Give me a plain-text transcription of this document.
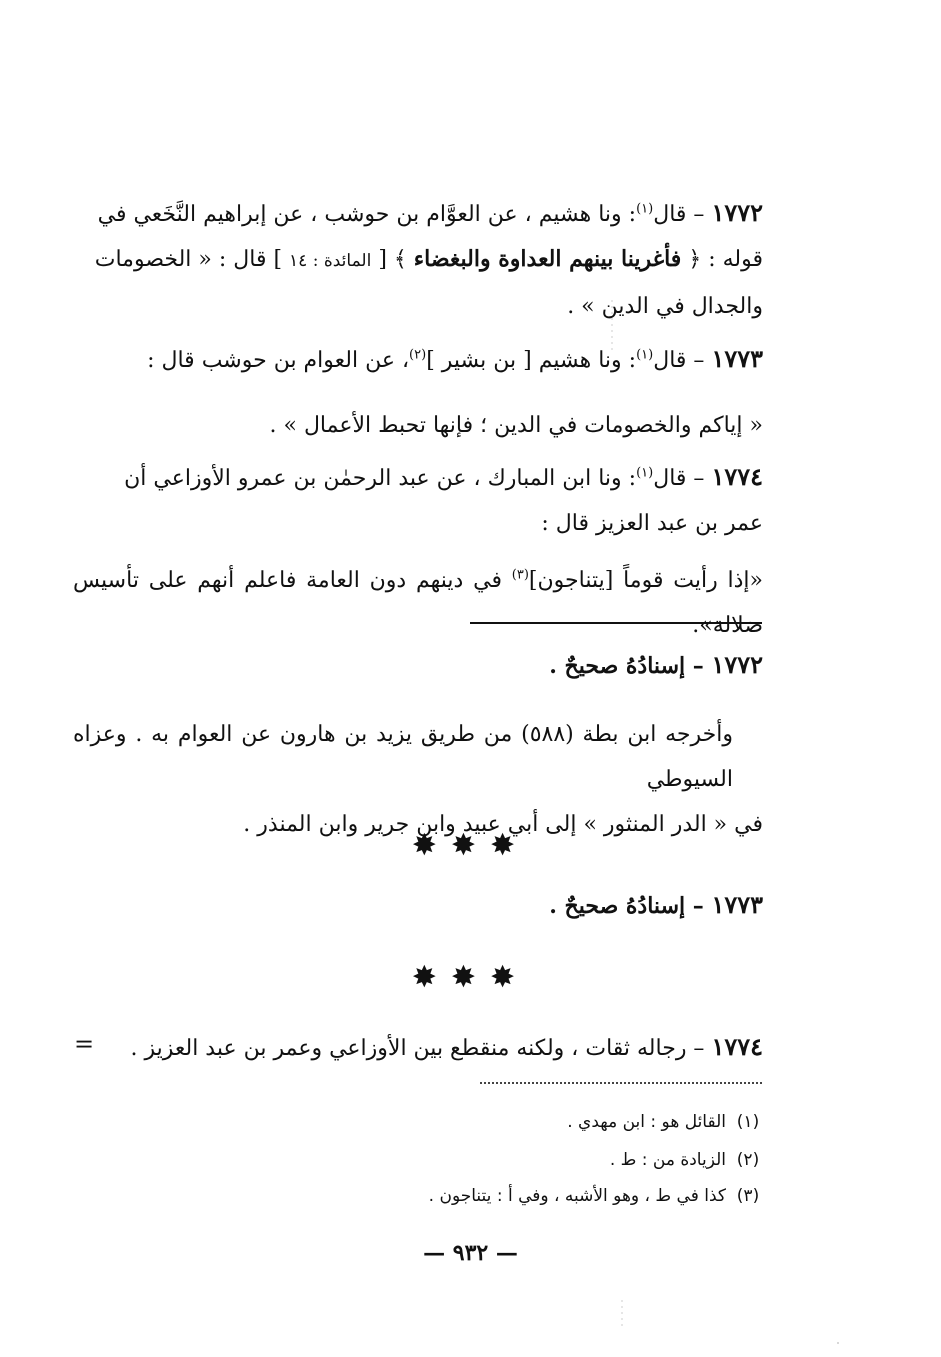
١٧٧٢ – قال$^{(١)}$: ونا هشيم ، عن العوَّام بن حوشب ، عن إبراهيم النَّخَعي في
قوله : ﴿ فأغرينا بينهم العداوة والبغضاء ﴾ [ المائدة : ١٤ ] قال : « الخصومات
والجدال في الدين » .
١٧٧٣ – قال$^{(١)}$: ونا هشيم [ بن بشير ]$^{(٢)}$، عن العوام بن حوشب قال :
« إياكم والخصومات في الدين ؛ فإنها تحبط الأعمال » .
١٧٧٤ – قال$^{(١)}$: ونا ابن المبارك ، عن عبد الرحمٰن بن عمرو الأوزاعي أن
عمر بن عبد العزيز قال :
«إذا رأيت قوماً [يتناجون]$^{(٣)}$ في دينهم دون العامة فاعلم أنهم على تأسيس ضلالة».
١٧٧٢ – إسنادُهُ صحيحٌ .
وأخرجه ابن بطة (٥٨٨) من طريق يزيد بن هارون عن العوام به . وعزاه السيوطي
في « الدر المنثور » إلى أبي عبيد وابن جرير وابن المنذر .
✸✸✸
١٧٧٣ – إسنادُهُ صحيحٌ .
✸✸✸
١٧٧٤ – رجاله ثقات ، ولكنه منقطع بين الأوزاعي وعمر بن عبد العزيز .
=
(١)
القائل هو : ابن مهدي .
(٢)
الزيادة من : ط .
(٣)
كذا في ط ، وهو الأشبه ، وفي أ : يتناجون .
— ٩٣٢ —
